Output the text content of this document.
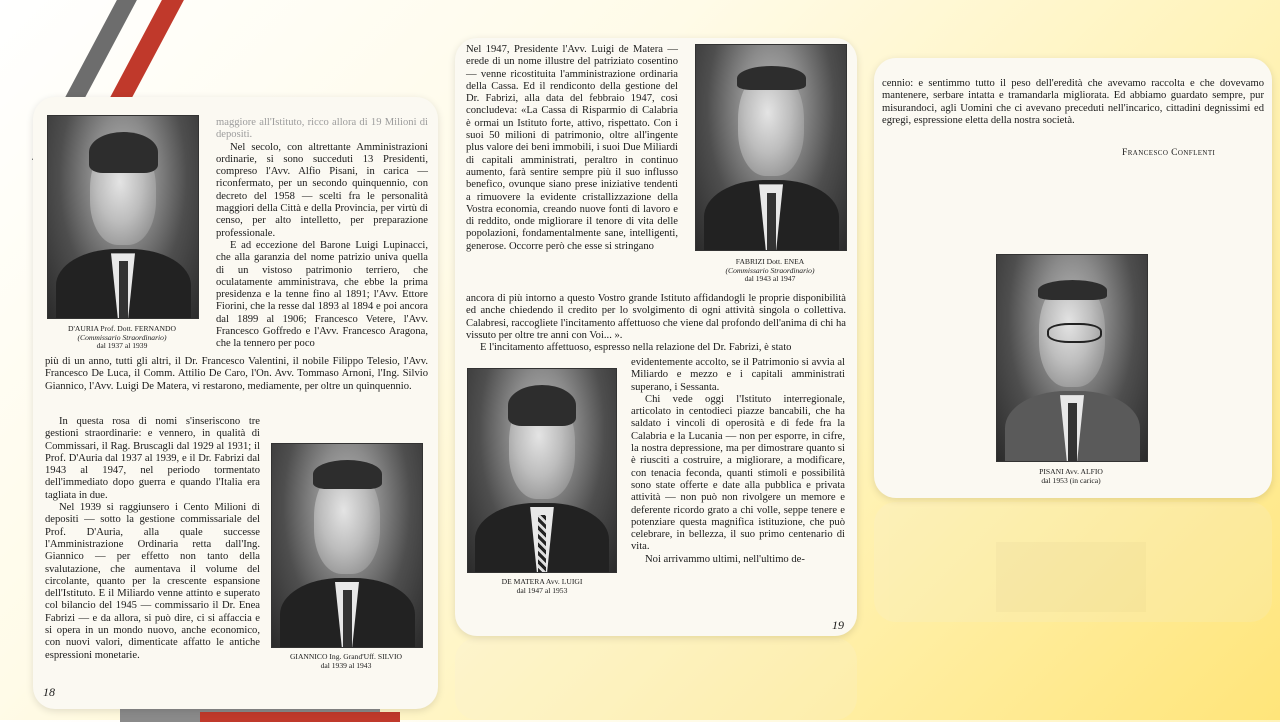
D'AURIA Prof. Dott. FERNANDO
(Commissario Straordinario)
dal 1937 al 1939

maggiore all'Istituto, ricco allora di 19 Milioni di depositi.

Nel secolo, con altrettante Amministrazioni ordinarie, si sono succeduti 13 Presidenti, compreso l'Avv. Alfio Pisani, in carica — riconfermato, per un secondo quinquennio, con decreto del 1958 — scelti fra le personalità maggiori della Città e della Provincia, per virtù di censo, per alto intelletto, per preparazione professionale.

E ad eccezione del Barone Luigi Lupinacci, che alla garanzia del nome patrizio univa quella di un vistoso patrimonio terriero, che oculatamente amministrava, che ebbe la prima presidenza e la tenne fino al 1891; l'Avv. Ettore Fiorini, che la resse dal 1893 al 1894 e poi ancora dal 1899 al 1906; Francesco Vetere, l'Avv. Francesco Goffredo e l'Avv. Francesco Aragona, che la tennero per poco

più di un anno, tutti gli altri, il Dr. Francesco Valentini, il nobile Filippo Telesio, l'Avv. Francesco De Luca, il Comm. Attilio De Caro, l'On. Avv. Tommaso Arnoni, l'Ing. Silvio Giannico, l'Avv. Luigi De Matera, vi restarono, mediamente, per oltre un quinquennio.

In questa rosa di nomi s'inseriscono tre gestioni straordinarie: e vennero, in qualità di Commissari, il Rag. Bruscagli dal 1929 al 1931; il Prof. D'Auria dal 1937 al 1939, e il Dr. Fabrizi dal 1943 al 1947, nel periodo tormentato dell'immediato dopo guerra e quando l'Italia era tagliata in due.

Nel 1939 si raggiunsero i Cento Milioni di depositi — sotto la gestione commissariale del Prof. D'Auria, alla quale successe l'Amministrazione Ordinaria retta dall'Ing. Giannico — per effetto non tanto della svalutazione, che aumentava il volume del circolante, quanto per la crescente espansione dell'Istituto. E il Miliardo venne attinto e superato col bilancio del 1945 — commissario il Dr. Enea Fabrizi — e da allora, si può dire, ci si affaccia e si opera in un mondo nuovo, anche economico, con nuovi valori, dimenticate affatto le antiche espressioni monetarie.	GIANNICO Ing. Grand'Uff. SILVIO
dal 1939 al 1943
18

Nel 1947, Presidente l'Avv. Luigi de Matera — erede di un nome illustre del patriziato cosentino — venne ricostituita l'amministrazione ordinaria della Cassa. Ed il rendiconto della gestione del Dr. Fabrizi, alla data del febbraio 1947, così concludeva: «La Cassa di Risparmio di Calabria è ormai un Istituto forte, attivo, rispettato. Con i suoi 50 milioni di patrimonio, oltre all'ingente plus valore dei beni immobili, i suoi Due Miliardi di capitali amministrati, peraltro in continuo aumento, farà sentire sempre più il suo influsso benefico, ovunque siano prese iniziative tendenti a rimuovere la evidente cristallizzazione della Vostra economia, creando nuove fonti di lavoro e di reddito, onde migliorare il tenore di vita delle popolazioni, fondamentalmente sane, intelligenti, generose. Occorre però che esse si stringano

FABRIZI Dott. ENEA
(Commissario Straordinario)
dal 1943 al 1947

ancora di più intorno a questo Vostro grande Istituto affidandogli le proprie disponibilità ed anche chiedendo il credito per lo svolgimento di ogni attività singola o collettiva. Calabresi, raccogliete l'incitamento affettuoso che viene dal profondo dell'anima di chi ha vissuto per oltre tre anni con Voi... ».

E l'incitamento affettuoso, espresso nella relazione del Dr. Fabrizi, è stato

DE MATERA Avv. LUIGI
dal 1947 al 1953

evidentemente accolto, se il Patrimonio si avvia al Miliardo e mezzo e i capitali amministrati superano, i Sessanta.

Chi vede oggi l'Istituto interregionale, articolato in centodieci piazze bancabili, che ha saldato i vincoli di operosità e di fede fra la Calabria e la Lucania — non per esporre, in cifre, la nostra depressione, ma per dimostrare quanto si è riusciti a costruire, a migliorare, a modificare, con tenacia feconda, quanti stimoli e possibilità sono state offerte e date alla pubblica e privata attività — non può non rivolgere un memore e deferente ricordo grato a chi volle, seppe tenere e potenziare questa magnifica istituzione, che può celebrare, in bellezza, il suo primo centenario di vita.

Noi arrivammo ultimi, nell'ultimo de-

19

cennio: e sentimmo tutto il peso dell'eredità che avevamo raccolta e che dovevamo mantenere, serbare intatta e tramandarla migliorata. Ed abbiamo guardato sempre, pur misurandoci, agli Uomini che ci avevano preceduti nell'incarico, cittadini degnissimi ed egregi, espressione eletta della nostra società.

Francesco Conflenti
PISANI Avv. ALFIO
dal 1953 (in carica)
